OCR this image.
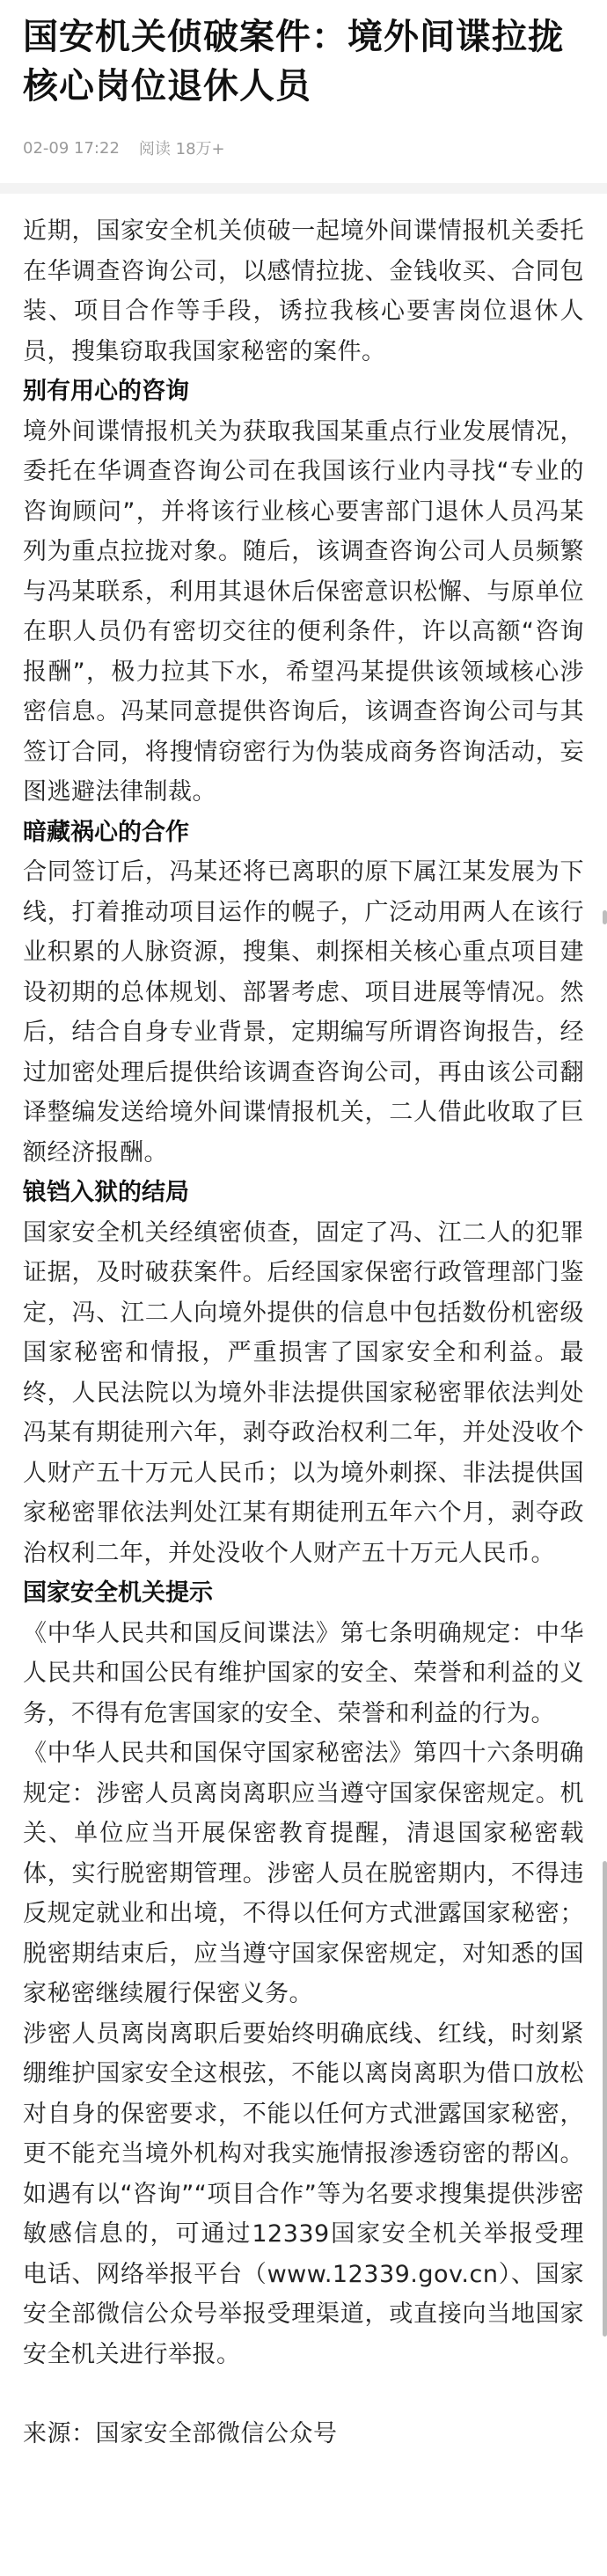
国安机关侦破案件：境外间谍拉拢核心岗位退休人员
02-09 17:22 阅读 18万+

近期，国家安全机关侦破一起境外间谍情报机关委托在华调查咨询公司，以感情拉拢、金钱收买、合同包装、项目合作等手段，诱拉我核心要害岗位退休人员，搜集窃取我国家秘密的案件。

别有用心的咨询

境外间谍情报机关为获取我国某重点行业发展情况，委托在华调查咨询公司在我国该行业内寻找“专业的咨询顾问”，并将该行业核心要害部门退休人员冯某列为重点拉拢对象。随后，该调查咨询公司人员频繁与冯某联系，利用其退休后保密意识松懈、与原单位在职人员仍有密切交往的便利条件，许以高额“咨询报酬”，极力拉其下水，希望冯某提供该领域核心涉密信息。冯某同意提供咨询后，该调查咨询公司与其签订合同，将搜情窃密行为伪装成商务咨询活动，妄图逃避法律制裁。

暗藏祸心的合作

合同签订后，冯某还将已离职的原下属江某发展为下线，打着推动项目运作的幌子，广泛动用两人在该行业积累的人脉资源，搜集、刺探相关核心重点项目建设初期的总体规划、部署考虑、项目进展等情况。然后，结合自身专业背景，定期编写所谓咨询报告，经过加密处理后提供给该调查咨询公司，再由该公司翻译整编发送给境外间谍情报机关，二人借此收取了巨额经济报酬。

锒铛入狱的结局

国家安全机关经缜密侦查，固定了冯、江二人的犯罪证据，及时破获案件。后经国家保密行政管理部门鉴定，冯、江二人向境外提供的信息中包括数份机密级国家秘密和情报，严重损害了国家安全和利益。最终，人民法院以为境外非法提供国家秘密罪依法判处冯某有期徒刑六年，剥夺政治权利二年，并处没收个人财产五十万元人民币；以为境外刺探、非法提供国家秘密罪依法判处江某有期徒刑五年六个月，剥夺政治权利二年，并处没收个人财产五十万元人民币。

国家安全机关提示

《中华人民共和国反间谍法》第七条明确规定：中华人民共和国公民有维护国家的安全、荣誉和利益的义务，不得有危害国家的安全、荣誉和利益的行为。

《中华人民共和国保守国家秘密法》第四十六条明确规定：涉密人员离岗离职应当遵守国家保密规定。机关、单位应当开展保密教育提醒，清退国家秘密载体，实行脱密期管理。涉密人员在脱密期内，不得违反规定就业和出境，不得以任何方式泄露国家秘密；脱密期结束后，应当遵守国家保密规定，对知悉的国家秘密继续履行保密义务。

涉密人员离岗离职后要始终明确底线、红线，时刻紧绷维护国家安全这根弦，不能以离岗离职为借口放松对自身的保密要求，不能以任何方式泄露国家秘密，更不能充当境外机构对我实施情报渗透窃密的帮凶。如遇有以“咨询”“项目合作”等为名要求搜集提供涉密敏感信息的，可通过12339国家安全机关举报受理电话、网络举报平台（www.12339.gov.cn）、国家安全部微信公众号举报受理渠道，或直接向当地国家安全机关进行举报。

来源：国家安全部微信公众号
